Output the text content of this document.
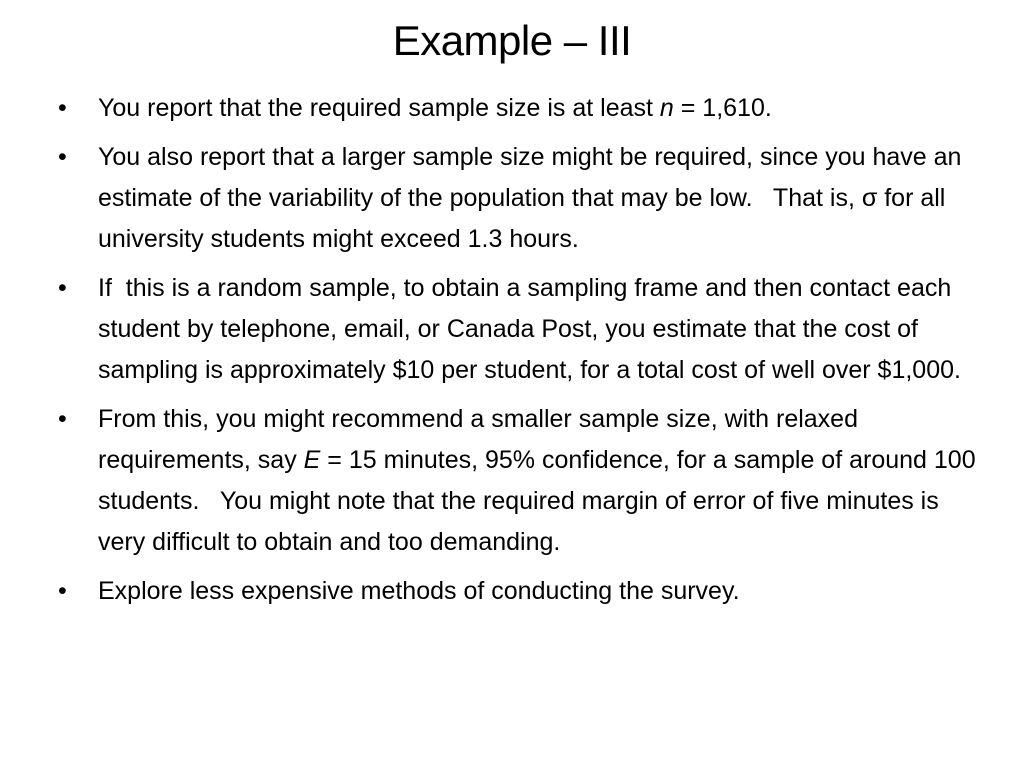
Example – III
•	You report that the required sample size is at least n = 1,610.
•	You also report that a larger sample size might be required, since you have an estimate of the variability of the population that may be low.   That is, σ for all university students might exceed 1.3 hours.
•	If  this is a random sample, to obtain a sampling frame and then contact each student by telephone, email, or Canada Post, you estimate that the cost of sampling is approximately $10 per student, for a total cost of well over $1,000.
•	From this, you might recommend a smaller sample size, with relaxed requirements, say E = 15 minutes, 95% confidence, for a sample of around 100 students.   You might note that the required margin of error of five minutes is very difficult to obtain and too demanding.
•	Explore less expensive methods of conducting the survey.
